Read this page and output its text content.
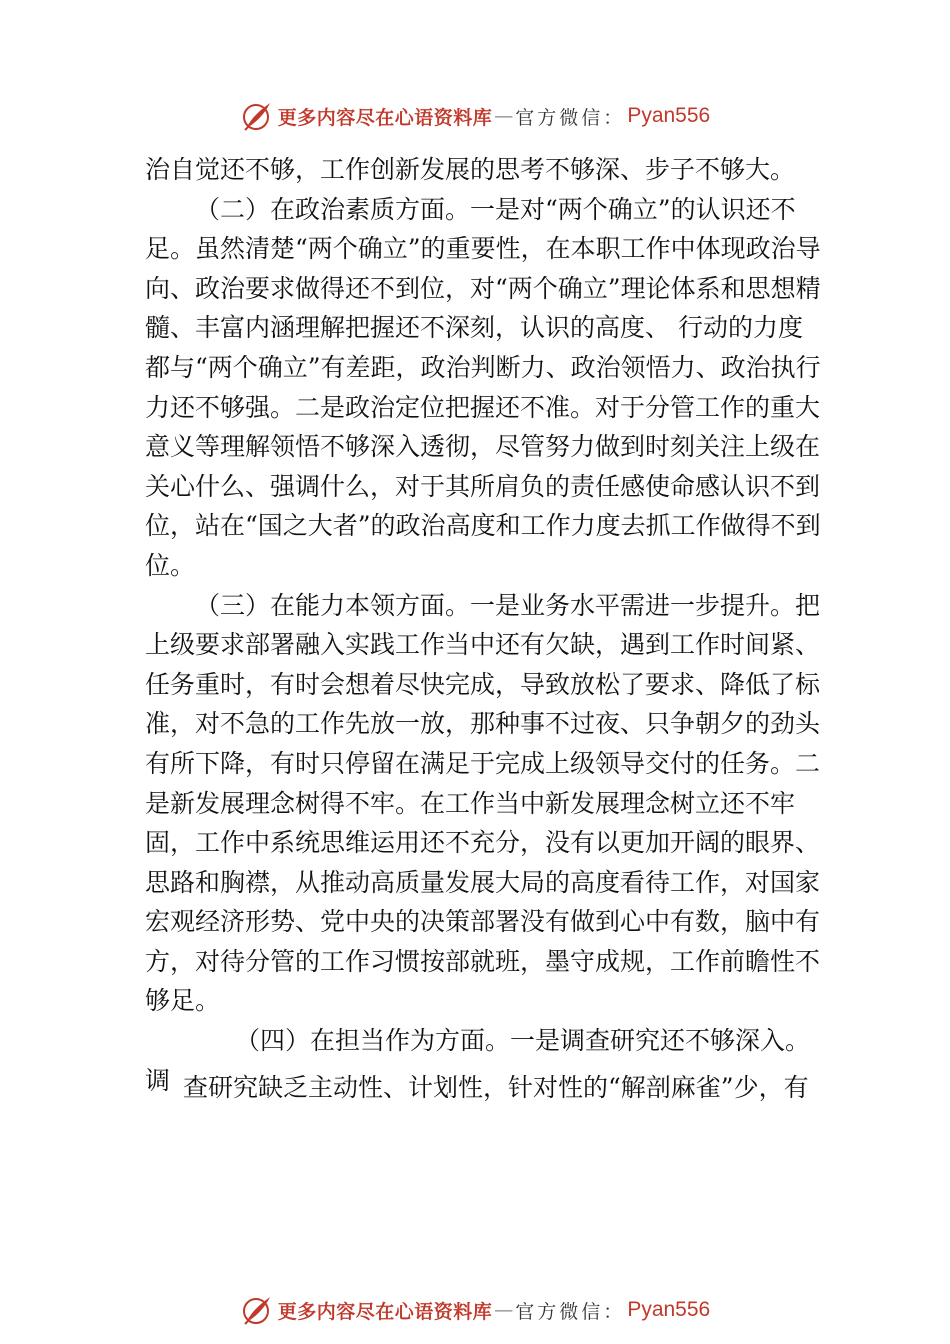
更多内容尽在心语资料库 — 官方微信： Pyan556

治自觉还不够，工作创新发展的思考不够深、步子不够大。

（二）在政治素质方面。一是对“两个确立”的认识还不足。虽然清楚“两个确立”的重要性，在本职工作中体现政治导向、政治要求做得还不到位，对“两个确立”理论体系和思想精髓、丰富内涵理解把握还不深刻，认识的高度、 行动的力度都与“两个确立”有差距，政治判断力、政治领悟力、政治执行力还不够强。二是政治定位把握还不准。对于分管工作的重大意义等理解领悟不够深入透彻，尽管努力做到时刻关注上级在关心什么、强调什么，对于其所肩负的责任感使命感认识不到位，站在“国之大者”的政治高度和工作力度去抓工作做得不到位。

（三）在能力本领方面。一是业务水平需进一步提升。把上级要求部署融入实践工作当中还有欠缺，遇到工作时间紧、任务重时，有时会想着尽快完成，导致放松了要求、降低了标准，对不急的工作先放一放，那种事不过夜、只争朝夕的劲头有所下降，有时只停留在满足于完成上级领导交付的任务。二是新发展理念树得不牢。在工作当中新发展理念树立还不牢固，工作中系统思维运用还不充分，没有以更加开阔的眼界、思路和胸襟，从推动高质量发展大局的高度看待工作，对国家宏观经济形势、党中央的决策部署没有做到心中有数，脑中有方，对待分管的工作习惯按部就班，墨守成规，工作前瞻性不够足。

（四）在担当作为方面。一是调查研究还不够深入。调 查研究缺乏主动性、计划性，针对性的“解剖麻雀”少，有
更多内容尽在心语资料库 — 官方微信： Pyan556
